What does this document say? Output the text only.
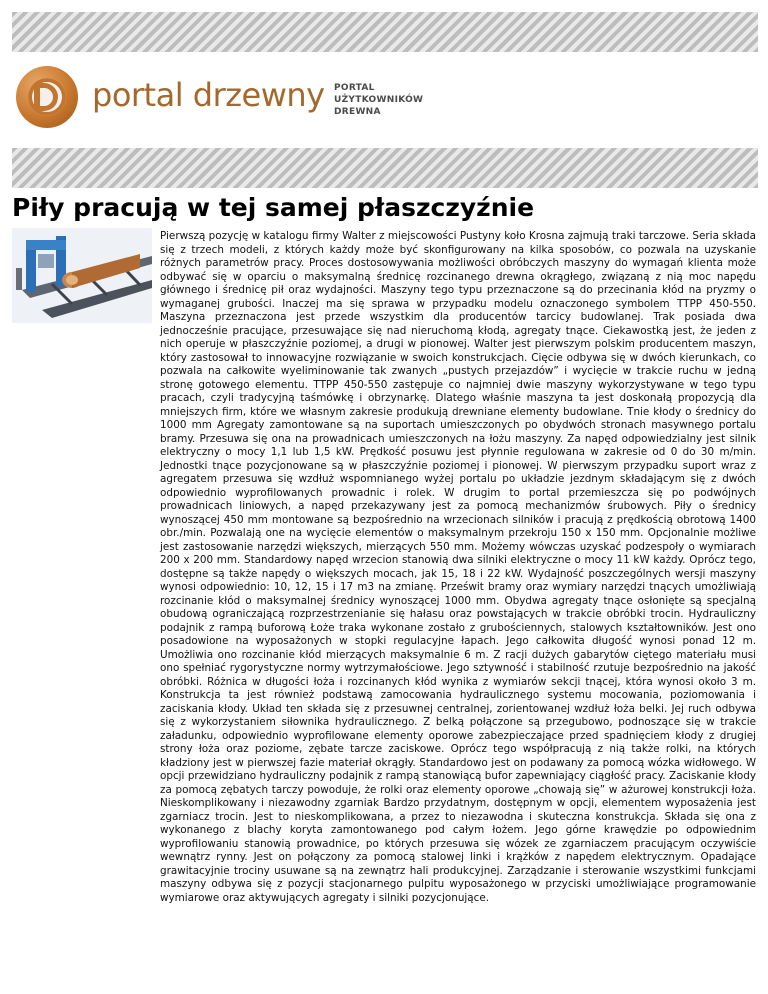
portal drzewny PORTAL
UŻYTKOWNIKÓW
DREWNA
Piły pracują w tej samej płaszczyźnie

Pierwszą pozycję w katalogu firmy Walter z miejscowości Pustyny koło Krosna zajmują traki tarczowe. Seria składa się z trzech modeli, z których każdy może być skonfigurowany na kilka sposobów, co pozwala na uzyskanie różnych parametrów pracy. Proces dostosowywania możliwości obróbczych maszyny do wymagań klienta może odbywać się w oparciu o maksymalną średnicę rozcinanego drewna okrągłego, związaną z nią moc napędu głównego i średnicę pił oraz wydajności. Maszyny tego typu przeznaczone są do przecinania kłód na pryzmy o wymaganej grubości. Inaczej ma się sprawa w przypadku modelu oznaczonego symbolem TTPP 450-550. Maszyna przeznaczona jest przede wszystkim dla producentów tarcicy budowlanej. Trak posiada dwa jednocześnie pracujące, przesuwające się nad nieruchomą kłodą, agregaty tnące. Ciekawostką jest, że jeden z nich operuje w płaszczyźnie poziomej, a drugi w pionowej. Walter jest pierwszym polskim producentem maszyn, który zastosował to innowacyjne rozwiązanie w swoich konstrukcjach. Cięcie odbywa się w dwóch kierunkach, co pozwala na całkowite wyeliminowanie tak zwanych „pustych przejazdów” i wycięcie w trakcie ruchu w jedną stronę gotowego elementu. TTPP 450-550 zastępuje co najmniej dwie maszyny wykorzystywane w tego typu pracach, czyli tradycyjną taśmówkę i obrzynarkę. Dlatego właśnie maszyna ta jest doskonałą propozycją dla mniejszych firm, które we własnym zakresie produkują drewniane elementy budowlane. Tnie kłody o średnicy do 1000 mm Agregaty zamontowane są na suportach umieszczonych po obydwóch stronach masywnego portalu bramy. Przesuwa się ona na prowadnicach umieszczonych na łożu maszyny. Za napęd odpowiedzialny jest silnik elektryczny o mocy 1,1 lub 1,5 kW. Prędkość posuwu jest płynnie regulowana w zakresie od 0 do 30 m/min. Jednostki tnące pozycjonowane są w płaszczyźnie poziomej i pionowej. W pierwszym przypadku suport wraz z agregatem przesuwa się wzdłuż wspomnianego wyżej portalu po układzie jezdnym składającym się z dwóch odpowiednio wyprofilowanych prowadnic i rolek. W drugim to portal przemieszcza się po podwójnych prowadnicach liniowych, a napęd przekazywany jest za pomocą mechanizmów śrubowych. Piły o średnicy wynoszącej 450 mm montowane są bezpośrednio na wrzecionach silników i pracują z prędkością obrotową 1400 obr./min. Pozwalają one na wycięcie elementów o maksymalnym przekroju 150 x 150 mm. Opcjonalnie możliwe jest zastosowanie narzędzi większych, mierzących 550 mm. Możemy wówczas uzyskać podzespoły o wymiarach 200 x 200 mm. Standardowy napęd wrzecion stanowią dwa silniki elektryczne o mocy 11 kW każdy. Oprócz tego, dostępne są także napędy o większych mocach, jak 15, 18 i 22 kW. Wydajność poszczególnych wersji maszyny wynosi odpowiednio: 10, 12, 15 i 17 m3 na zmianę. Prześwit bramy oraz wymiary narzędzi tnących umożliwiają rozcinanie kłód o maksymalnej średnicy wynoszącej 1000 mm. Obydwa agregaty tnące osłonięte są specjalną obudową ograniczającą rozprzestrzenianie się hałasu oraz powstających w trakcie obróbki trocin. Hydrauliczny podajnik z rampą buforową Łoże traka wykonane zostało z grubościennych, stalowych kształtowników. Jest ono posadowione na wyposażonych w stopki regulacyjne łapach. Jego całkowita długość wynosi ponad 12 m. Umożliwia ono rozcinanie kłód mierzących maksymalnie 6 m. Z racji dużych gabarytów ciętego materiału musi ono spełniać rygorystyczne normy wytrzymałościowe. Jego sztywność i stabilność rzutuje bezpośrednio na jakość obróbki. Różnica w długości łoża i rozcinanych kłód wynika z wymiarów sekcji tnącej, która wynosi około 3 m. Konstrukcja ta jest również podstawą zamocowania hydraulicznego systemu mocowania, poziomowania i zaciskania kłody. Układ ten składa się z przesuwnej centralnej, zorientowanej wzdłuż łoża belki. Jej ruch odbywa się z wykorzystaniem siłownika hydraulicznego. Z belką połączone są przegubowo, podnoszące się w trakcie załadunku, odpowiednio wyprofilowane elementy oporowe zabezpieczające przed spadnięciem kłody z drugiej strony łoża oraz poziome, zębate tarcze zaciskowe. Oprócz tego współpracują z nią także rolki, na których kładziony jest w pierwszej fazie materiał okrągły. Standardowo jest on podawany za pomocą wózka widłowego. W opcji przewidziano hydrauliczny podajnik z rampą stanowiącą bufor zapewniający ciągłość pracy. Zaciskanie kłody za pomocą zębatych tarczy powoduje, że rolki oraz elementy oporowe „chowają się” w ażurowej konstrukcji łoża. Nieskomplikowany i niezawodny zgarniak Bardzo przydatnym, dostępnym w opcji, elementem wyposażenia jest zgarniacz trocin. Jest to nieskomplikowana, a przez to niezawodna i skuteczna konstrukcja. Składa się ona z wykonanego z blachy koryta zamontowanego pod całym łożem. Jego górne krawędzie po odpowiednim wyprofilowaniu stanowią prowadnice, po których przesuwa się wózek ze zgarniaczem pracującym oczywiście wewnątrz rynny. Jest on połączony za pomocą stalowej linki i krążków z napędem elektrycznym. Opadające grawitacyjnie trociny usuwane są na zewnątrz hali produkcyjnej. Zarządzanie i sterowanie wszystkimi funkcjami maszyny odbywa się z pozycji stacjonarnego pulpitu wyposażonego w przyciski umożliwiające programowanie wymiarowe oraz aktywujących agregaty i silniki pozycjonujące.
